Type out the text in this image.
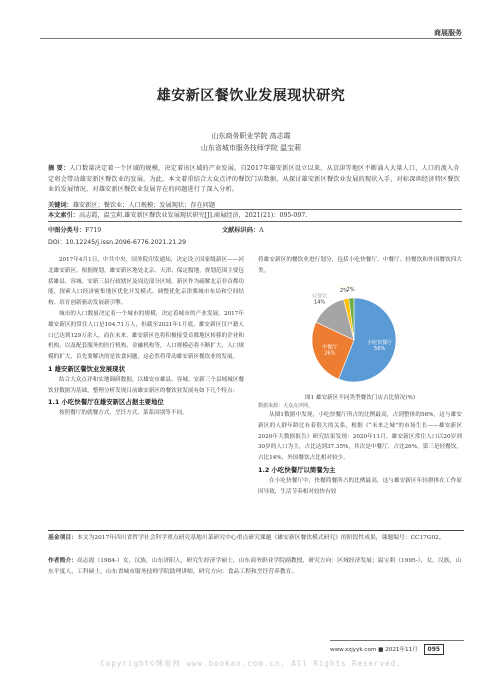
商展服务
雄安新区餐饮业发展现状研究
山东商务职业学院 高志霞
山东省城市服务技师学院 温宝莉
摘 要：人口数量决定着一个区域的规模，决定着该区域的产业发展。自2017年雄安新区设立以来，从京津等地区不断涌入大量人口，人口的流入肯定将会带动雄安新区餐饮业的发展。为此，本文着重结合大众点评的餐饮门店数据，从探讨雄安新区餐饮业发展的现状入手，对标深圳经济特区餐饮业的发展情况，对雄安新区餐饮业发展存在的问题进行了深入分析。
关键词：雄安新区；餐饮业；人口规模；发展现状；存在问题
本文索引：高志霞，温宝莉.雄安新区餐饮业发展现状研究[J].商展经济，2021(21)：095-097.
中图分类号：F719	文献标识码：A
DOI：10.12245/j.issn.2096-6776.2021.21.29

2017年4月1日，中共中央、国务院印发通知，决定设立国家级新区——河北雄安新区。根据规划，雄安新区地处北京、天津、保定腹地，规划范围主要包括雄县、容城、安新三县行政辖区及周边部分区域。新区作为疏解北京非首都功能、探索人口经济密集地区优化开发模式、调整优化京津冀城市布局和空间结构、培育创新驱动发展新引擎。

城市的人口数量决定着一个城市的规模，决定着城市的产业发展。2017年雄安新区的常住人口是104.71万人，但截至2021年1月底，雄安新区仅户籍人口已达到129万余人，而在未来，雄安新区也将积极接受首都地区转移的企业和机构，以及配套服务的医疗机构、金融机构等，人口规模必将不断扩大，人口规模的扩大，首先要解决的是饮食问题，这必然将带动雄安新区餐饮业的发展。

1 雄安新区餐饮业发展现状

结合大众点评和实地调研数据，以雄安市雄县、容城、安新三个县域城区餐饮业数据为基础，整理分析发现目前雄安新区的餐饮业发展有如下几个特点：

1.1 小吃快餐厅在雄安新区占据主要地位

按照餐厅的就餐方式、烹饪方式、菜系国别等不同，

将雄安新区的餐饮业进行划分，包括小吃快餐厅、中餐厅、轻餐饮和外国餐饮四大类。

小吃快餐厅
56%
中餐厅
26%
轻餐饮
14%
2%
2%
图1 雄安新区不同类型餐饮门店占比情况(%)
数据来源：大众点评网。

从图1数据中发现，小吃快餐厅所占的比例最高，占到整体的56%，这与雄安新区的人群年龄比有着很大的关系，根据《“未来之城”的市场生长——雄安新区2020年大数据报告》研究结果发现：2020年11月，雄安新区常住人口以20岁到30岁的人口为主，占比达到37.35%，其次是中餐厅，占比26%，第三是轻餐饮，占比14%，外国餐饮占比相对较少。

1.2 小吃快餐厅以简餐为主

在小吃快餐厅中，快餐简餐所占的比例最高，这与雄安新区年轻群体在工作原因导致，生活节奏相对较快有较

基金项目：本文为2017年四川省哲学社会科学重点研究基地川菜研究中心重点研究课题《雄安新区餐饮模式研究》的阶段性成果，课题编号：CC17G02。
作者简介：高志霞（1984-）女，汉族，山东济阳人，研究生经济学硕士，山东商务职业学院副教授，研究方向：区域经济发展；温宝莉（1995-），女，汉族，山东平度人，工科硕士，山东省城市服务技师学院助理讲师，研究方向：食品工程和烹饪营养教育。
www.xzjyyk.com ■ 2021年11月 095
Copyright©博看网 www.bookan.com.cn. All Rights Reserved.
